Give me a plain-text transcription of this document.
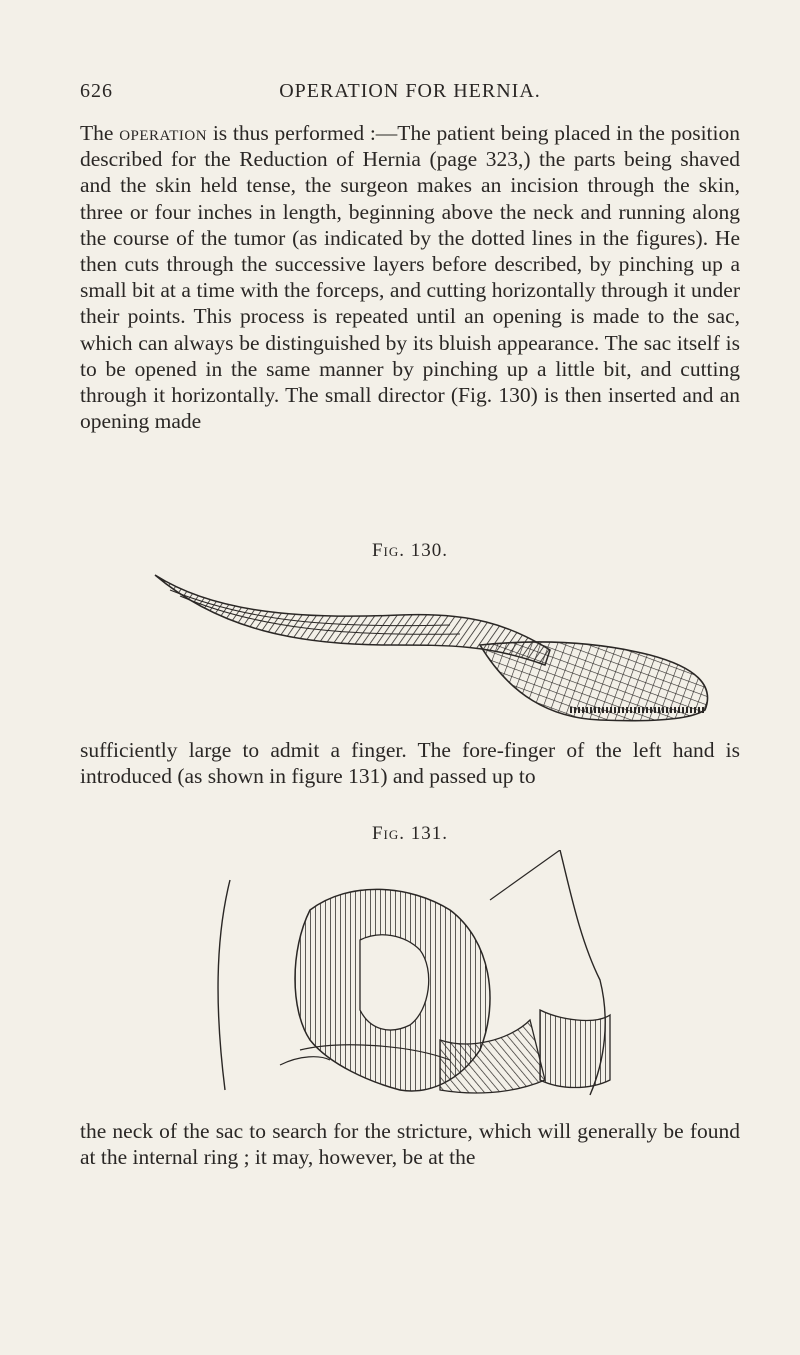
626	OPERATION FOR HERNIA.

The operation is thus performed :—The patient being placed in the position described for the Reduction of Hernia (page 323,) the parts being shaved and the skin held tense, the surgeon makes an incision through the skin, three or four inches in length, beginning above the neck and running along the course of the tumor (as indicated by the dotted lines in the figures). He then cuts through the successive layers before described, by pinching up a small bit at a time with the forceps, and cutting horizontally through it under their points. This process is repeated until an opening is made to the sac, which can always be distinguished by its bluish appearance. The sac itself is to be opened in the same manner by pinching up a little bit, and cutting through it horizontally. The small director (Fig. 130) is then inserted and an opening made

Fig. 130.

sufficiently large to admit a finger. The fore-finger of the left hand is introduced (as shown in figure 131) and passed up to

Fig. 131.

the neck of the sac to search for the stricture, which will generally be found at the internal ring ; it may, however, be at the
